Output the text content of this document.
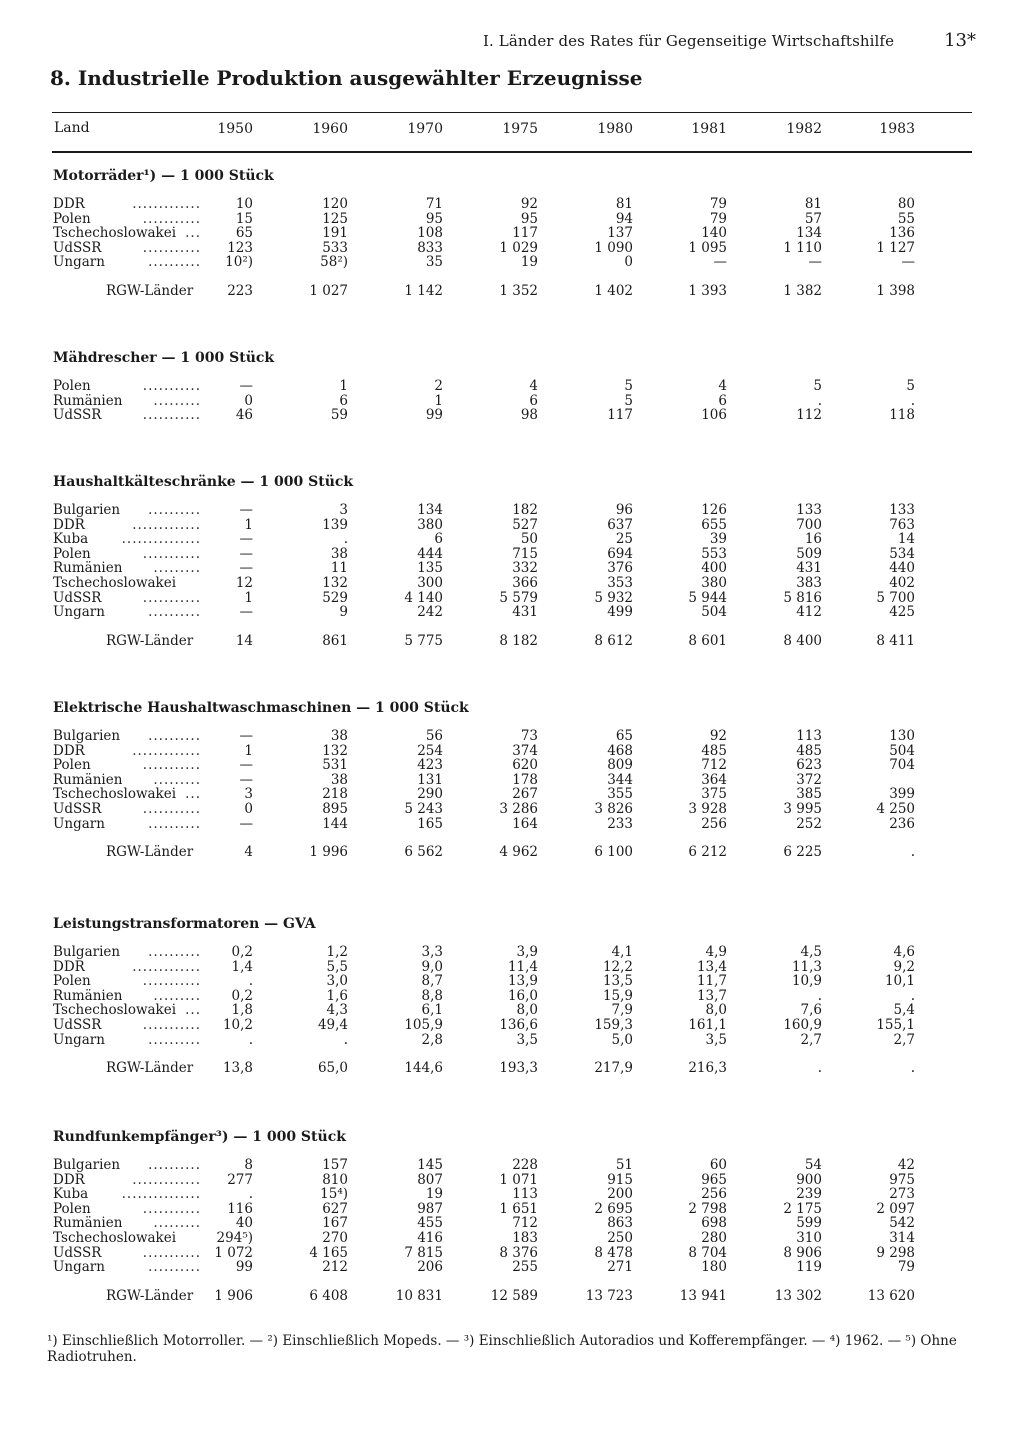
I. Länder des Rates für Gegenseitige Wirtschaftshilfe	13*
8. Industrielle Produktion ausgewählter Erzeugnisse
Land	1950	1960	1970	1975	1980	1981	1982	1983
Motorräder¹) — 1 000 Stück
DDR	.............	10	120	71	92	81	79	81	80
Polen	...........	15	125	95	95	94	79	57	55
Tschechoslowakei ...	65	191	108	117	137	140	134	136
UdSSR	...........	123	533	833	1 029	1 090	1 095	1 110	1 127
Ungarn	..........	10²)	58²)	35	19	0	—	—	—
RGW-Länder	223	1 027	1 142	1 352	1 402	1 393	1 382	1 398
Mähdrescher — 1 000 Stück
Polen	...........	—	1	2	4	5	4	5	5
Rumänien .........	0	6	1	6	5	6	.	.
UdSSR	...........	46	59	99	98	117	106	112	118
Haushaltkälteschränke — 1 000 Stück
Bulgarien ..........	—	3	134	182	96	126	133	133
DDR	.............	1	139	380	527	637	655	700	763
Kuba ...............	—	.	6	50	25	39	16	14
Polen	...........	—	38	444	715	694	553	509	534
Rumänien .........	—	11	135	332	376	400	431	440
Tschechoslowakei	12	132	300	366	353	380	383	402
UdSSR	...........	1	529	4 140	5 579	5 932	5 944	5 816	5 700
Ungarn	..........	—	9	242	431	499	504	412	425
RGW-Länder	14	861	5 775	8 182	8 612	8 601	8 400	8 411
Elektrische Haushaltwaschmaschinen — 1 000 Stück
Bulgarien ..........	—	38	56	73	65	92	113	130
DDR	.............	1	132	254	374	468	485	485	504
Polen	...........	—	531	423	620	809	712	623	704
Rumänien .........	—	38	131	178	344	364	372
Tschechoslowakei ...	3	218	290	267	355	375	385	399
UdSSR	...........	0	895	5 243	3 286	3 826	3 928	3 995	4 250
Ungarn	..........	—	144	165	164	233	256	252	236
RGW-Länder	4	1 996	6 562	4 962	6 100	6 212	6 225	.
Leistungstransformatoren — GVA
Bulgarien ..........	0,2	1,2	3,3	3,9	4,1	4,9	4,5	4,6
DDR	.............	1,4	5,5	9,0	11,4	12,2	13,4	11,3	9,2
Polen	...........	.	3,0	8,7	13,9	13,5	11,7	10,9	10,1
Rumänien .........	0,2	1,6	8,8	16,0	15,9	13,7	.	.
Tschechoslowakei ...	1,8	4,3	6,1	8,0	7,9	8,0	7,6	5,4
UdSSR	...........	10,2	49,4	105,9	136,6	159,3	161,1	160,9	155,1
Ungarn	..........	.	.	2,8	3,5	5,0	3,5	2,7	2,7
RGW-Länder	13,8	65,0	144,6	193,3	217,9	216,3	.	.
Rundfunkempfänger³) — 1 000 Stück
Bulgarien ..........	8	157	145	228	51	60	54	42
DDR	.............	277	810	807	1 071	915	965	900	975
Kuba ...............	.	15⁴)	19	113	200	256	239	273
Polen	...........	116	627	987	1 651	2 695	2 798	2 175	2 097
Rumänien .........	40	167	455	712	863	698	599	542
Tschechoslowakei	294⁵)	270	416	183	250	280	310	314
UdSSR	........... 1 072	4 165	7 815	8 376	8 478	8 704	8 906	9 298
Ungarn	..........	99	212	206	255	271	180	119	79
RGW-Länder	1 906	6 408	10 831	12 589	13 723	13 941	13 302	13 620
¹) Einschließlich Motorroller. — ²) Einschließlich Mopeds. — ³) Einschließlich Autoradios und Kofferempfänger. — ⁴) 1962. — ⁵) Ohne Radiotruhen.
